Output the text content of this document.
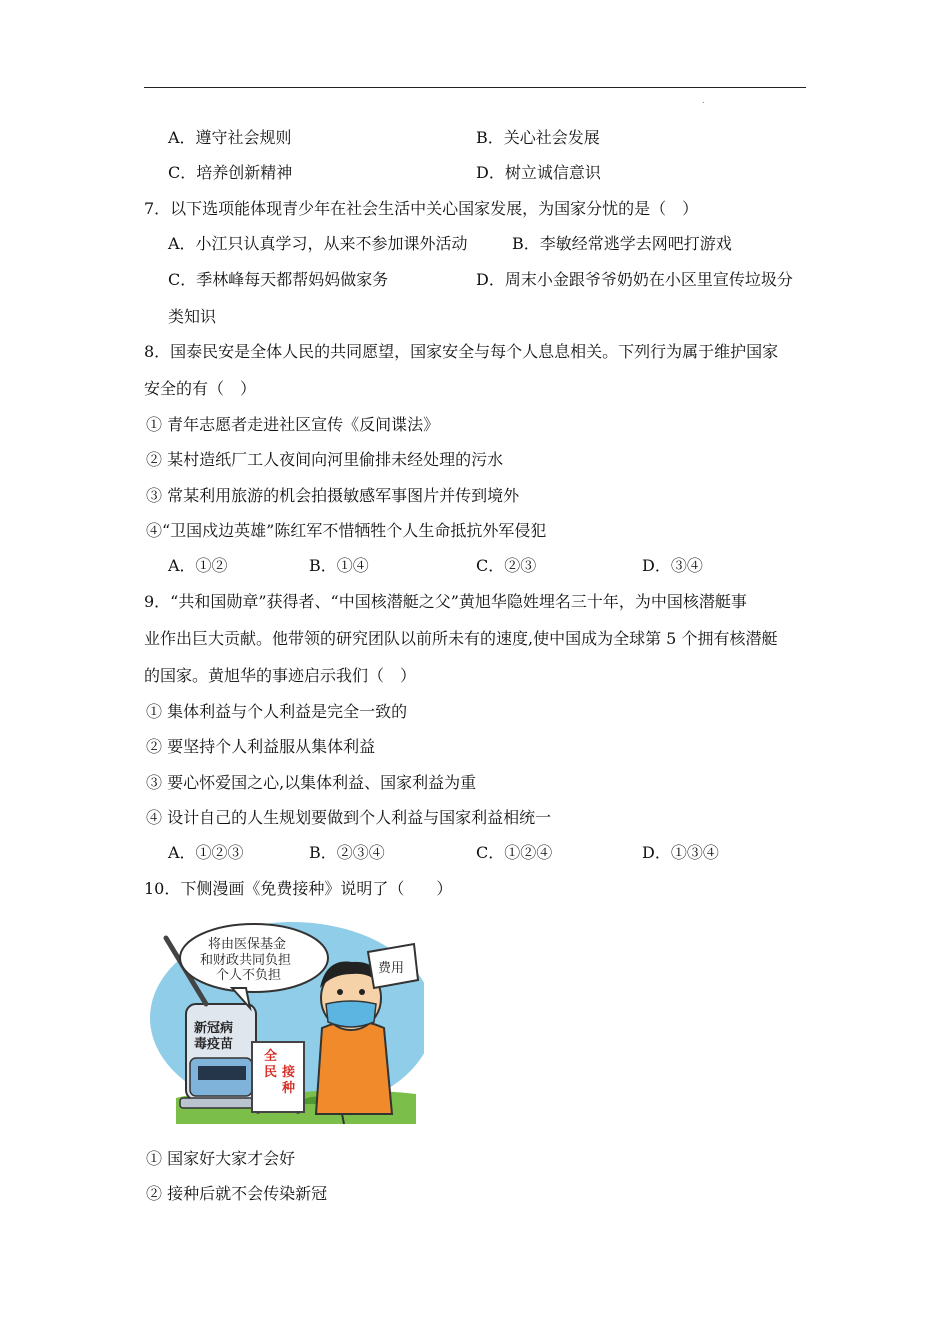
.
A．遵守社会规则	B．关心社会发展
C．培养创新精神	D．树立诚信意识
7．以下选项能体现青少年在社会生活中关心国家发展，为国家分忧的是（　）
A．小江只认真学习，从来不参加课外活动	B．李敏经常逃学去网吧打游戏
C．季林峰每天都帮妈妈做家务	D．周末小金跟爷爷奶奶在小区里宣传垃圾分
类知识
8．国泰民安是全体人民的共同愿望，国家安全与每个人息息相关。下列行为属于维护国家
安全的有（　）
① 青年志愿者走进社区宣传《反间谍法》
② 某村造纸厂工人夜间向河里偷排未经处理的污水
③ 常某利用旅游的机会拍摄敏感军事图片并传到境外
④“卫国戍边英雄”陈红军不惜牺牲个人生命抵抗外军侵犯
A．①②	B．①④	C．②③	D．③④
9．“共和国勋章”获得者、“中国核潜艇之父”黄旭华隐姓埋名三十年，为中国核潜艇事
业作出巨大贡献。他带领的研究团队以前所未有的速度,使中国成为全球第 5 个拥有核潜艇
的国家。黄旭华的事迹启示我们（　）
① 集体利益与个人利益是完全一致的
② 要坚持个人利益服从集体利益
③ 要心怀爱国之心,以集体利益、国家利益为重
④ 设计自己的人生规划要做到个人利益与国家利益相统一
A．①②③	B．②③④	C．①②④	D．①③④
10．下侧漫画《免费接种》说明了（　　）
新冠病
毒疫苗
将由医保基金
和财政共同负担
个人不负担
全
民 接
种
费用
① 国家好大家才会好
② 接种后就不会传染新冠
